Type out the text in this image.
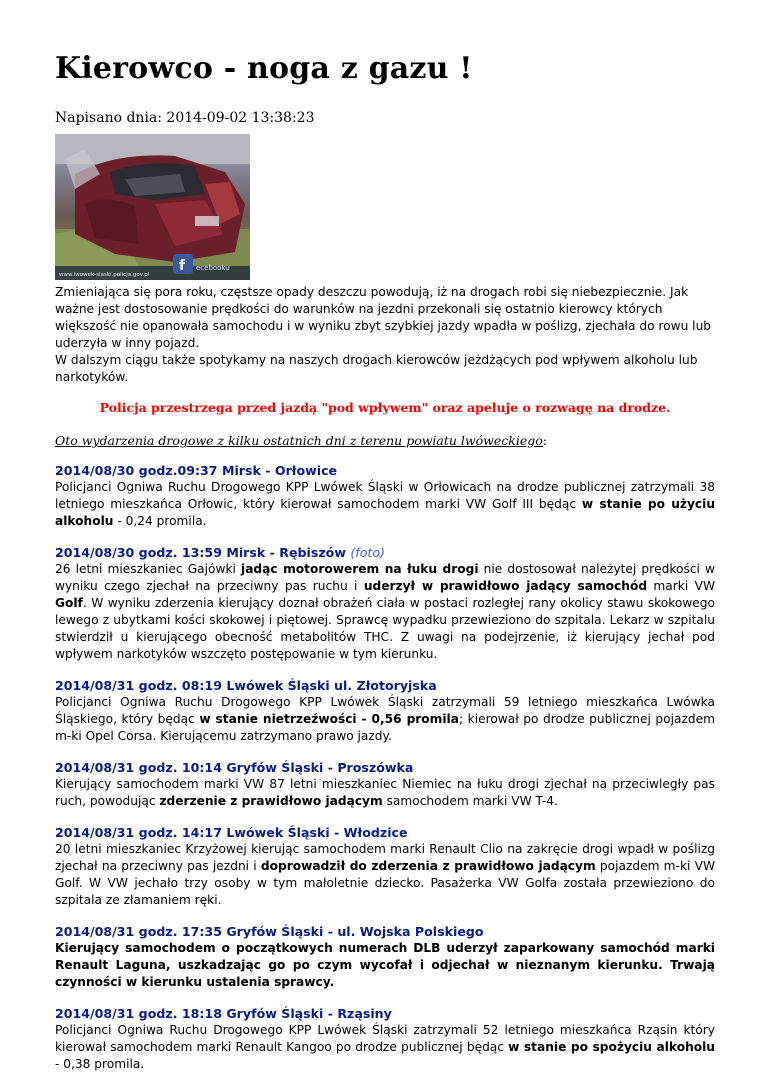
Kierowco - noga z gazu !
Napisano dnia: 2014-09-02 13:38:23
f
www.lwowek-slaski.policja.gov.pl
ecebooku

Zmieniająca się pora roku, częstsze opady deszczu powodują, iż na drogach robi się niebezpiecznie. Jak ważne jest dostosowanie prędkości do warunków na jezdni przekonali się ostatnio kierowcy których większość nie opanowała samochodu i w wyniku zbyt szybkiej jazdy wpadła w poślizg, zjechała do rowu lub uderzyła w inny pojazd.

W dalszym ciągu także spotykamy na naszych drogach kierowców jeżdżących pod wpływem alkoholu lub narkotyków.

Policja przestrzega przed jazdą "pod wpływem" oraz apeluje o rozwagę na drodze.
Oto wydarzenia drogowe z kilku ostatnich dni z terenu powiatu lwóweckiego:
2014/08/30 godz.09:37 Mirsk - Orłowice
Policjanci Ogniwa Ruchu Drogowego KPP Lwówek Śląski w Orłowicach na drodze publicznej zatrzymali 38 letniego mieszkańca Orłowic, który kierował samochodem marki VW Golf III będąc w stanie po użyciu alkoholu - 0,24 promila.
2014/08/30 godz. 13:59 Mirsk - Rębiszów (foto)
26 letni mieszkaniec Gajówki jadąc motorowerem na łuku drogi nie dostosował należytej prędkości w wyniku czego zjechał na przeciwny pas ruchu i uderzył w prawidłowo jadący samochód marki VW Golf. W wyniku zderzenia kierujący doznał obrażeń ciała w postaci rozległej rany okolicy stawu skokowego lewego z ubytkami kości skokowej i piętowej. Sprawcę wypadku przewieziono do szpitala. Lekarz w szpitalu stwierdził u kierującego obecność metabolitów THC. Z uwagi na podejrzenie, iż kierujący jechał pod wpływem narkotyków wszczęto postępowanie w tym kierunku.
2014/08/31 godz. 08:19 Lwówek Śląski ul. Złotoryjska
Policjanci Ogniwa Ruchu Drogowego KPP Lwówek Śląski zatrzymali 59 letniego mieszkańca Lwówka Śląskiego, który będąc w stanie nietrzeźwości - 0,56 promila; kierował po drodze publicznej pojazdem m-ki Opel Corsa. Kierującemu zatrzymano prawo jazdy.
2014/08/31 godz. 10:14 Gryfów Śląski - Proszówka
Kierujący samochodem marki VW 87 letni mieszkaniec Niemiec na łuku drogi zjechał na przeciwległy pas ruch, powodując zderzenie z prawidłowo jadącym samochodem marki VW T-4.
2014/08/31 godz. 14:17 Lwówek Śląski - Włodzice
20 letni mieszkaniec Krzyżowej kierując samochodem marki Renault Clio na zakręcie drogi wpadł w poślizg zjechał na przeciwny pas jezdni i doprowadził do zderzenia z prawidłowo jadącym pojazdem m-ki VW Golf. W VW jechało trzy osoby w tym małoletnie dziecko. Pasażerka VW Golfa została przewieziono do szpitala ze złamaniem ręki.
2014/08/31 godz. 17:35 Gryfów Śląski - ul. Wojska Polskiego
Kierujący samochodem o początkowych numerach DLB uderzył zaparkowany samochód marki Renault Laguna, uszkadzając go po czym wycofał i odjechał w nieznanym kierunku. Trwają czynności w kierunku ustalenia sprawcy.
2014/08/31 godz. 18:18 Gryfów Śląski - Rząsiny
Policjanci Ogniwa Ruchu Drogowego KPP Lwówek Śląski zatrzymali 52 letniego mieszkańca Rząsin który kierował samochodem marki Renault Kangoo po drodze publicznej będąc w stanie po spożyciu alkoholu - 0,38 promila.
